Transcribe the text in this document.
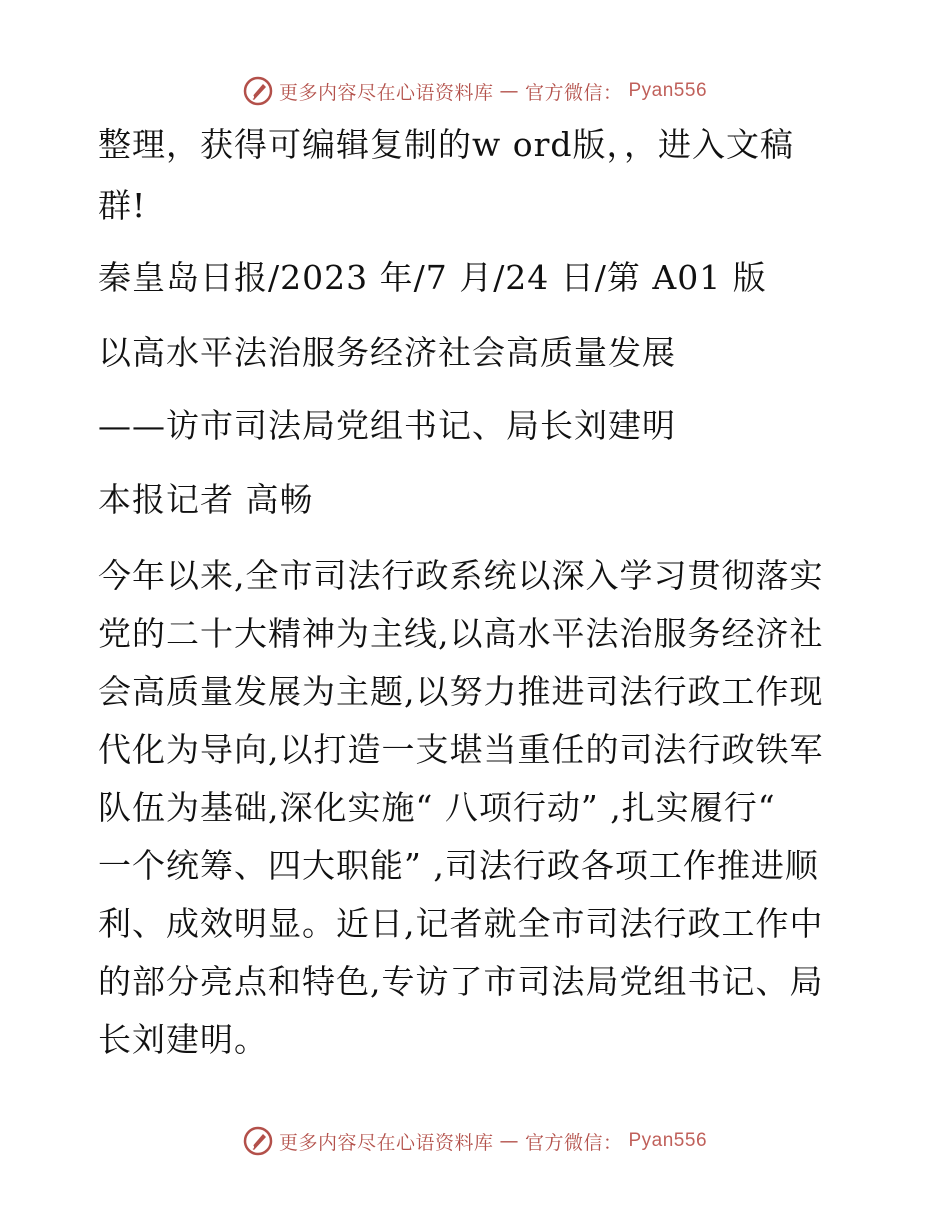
更多内容尽在心语资料库 — 官方微信： Pyan556
整理，获得可编辑复制的w ord版，，进入文稿
群!
秦皇岛日报/2023 年/7 月/24 日/第 A01 版
以高水平法治服务经济社会高质量发展
——访市司法局党组书记、局长刘建明
本报记者 高畅
今年以来,全市司法行政系统以深入学习贯彻落实
党的二十大精神为主线,以高水平法治服务经济社
会高质量发展为主题,以努力推进司法行政工作现
代化为导向,以打造一支堪当重任的司法行政铁军
队伍为基础,深化实施“ 八项行动” ,扎实履行“
一个统筹、四大职能” ,司法行政各项工作推进顺
利、成效明显。近日,记者就全市司法行政工作中
的部分亮点和特色,专访了市司法局党组书记、局
长刘建明。
更多内容尽在心语资料库 — 官方微信： Pyan556
